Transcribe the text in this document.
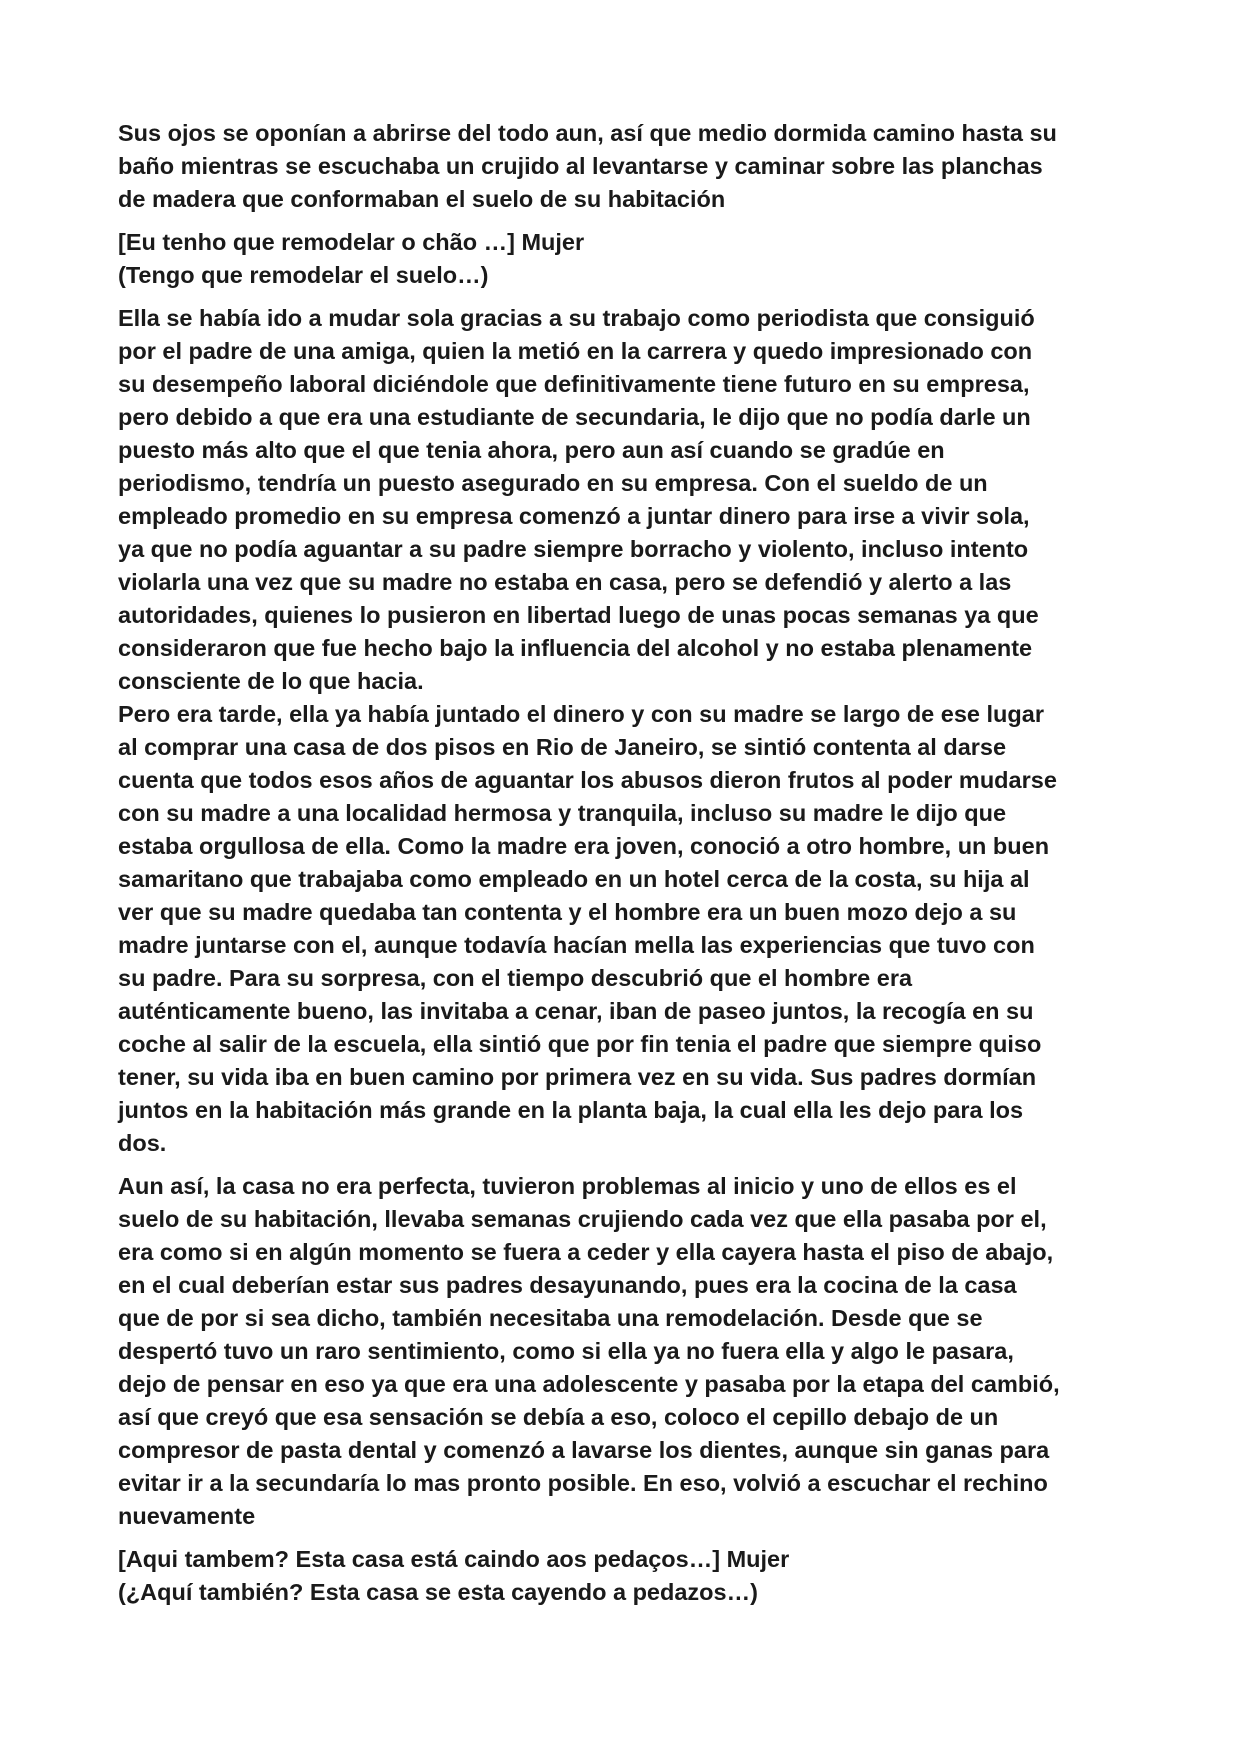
Sus ojos se oponían a abrirse del todo aun, así que medio dormida camino hasta su
baño mientras se escuchaba un crujido al levantarse y caminar sobre las planchas
de madera que conformaban el suelo de su habitación

[Eu tenho que remodelar o chão …] Mujer
(Tengo que remodelar el suelo…)

Ella se había ido a mudar sola gracias a su trabajo como periodista que consiguió
por el padre de una amiga, quien la metió en la carrera y quedo impresionado con
su desempeño laboral diciéndole que definitivamente tiene futuro en su empresa,
pero debido a que era una estudiante de secundaria, le dijo que no podía darle un
puesto más alto que el que tenia ahora, pero aun así cuando se gradúe en
periodismo, tendría un puesto asegurado en su empresa. Con el sueldo de un
empleado promedio en su empresa comenzó a juntar dinero para irse a vivir sola,
ya que no podía aguantar a su padre siempre borracho y violento, incluso intento
violarla una vez que su madre no estaba en casa, pero se defendió y alerto a las
autoridades, quienes lo pusieron en libertad luego de unas pocas semanas ya que
consideraron que fue hecho bajo la influencia del alcohol y no estaba plenamente
consciente de lo que hacia.

Pero era tarde, ella ya había juntado el dinero y con su madre se largo de ese lugar
al comprar una casa de dos pisos en Rio de Janeiro, se sintió contenta al darse
cuenta que todos esos años de aguantar los abusos dieron frutos al poder mudarse
con su madre a una localidad hermosa y tranquila, incluso su madre le dijo que
estaba orgullosa de ella. Como la madre era joven, conoció a otro hombre, un buen
samaritano que trabajaba como empleado en un hotel cerca de la costa, su hija al
ver que su madre quedaba tan contenta y el hombre era un buen mozo dejo a su
madre juntarse con el, aunque todavía hacían mella las experiencias que tuvo con
su padre. Para su sorpresa, con el tiempo descubrió que el hombre era
auténticamente bueno, las invitaba a cenar, iban de paseo juntos, la recogía en su
coche al salir de la escuela, ella sintió que por fin tenia el padre que siempre quiso
tener, su vida iba en buen camino por primera vez en su vida. Sus padres dormían
juntos en la habitación más grande en la planta baja, la cual ella les dejo para los
dos.

Aun así, la casa no era perfecta, tuvieron problemas al inicio y uno de ellos es el
suelo de su habitación, llevaba semanas crujiendo cada vez que ella pasaba por el,
era como si en algún momento se fuera a ceder y ella cayera hasta el piso de abajo,
en el cual deberían estar sus padres desayunando, pues era la cocina de la casa
que de por si sea dicho, también necesitaba una remodelación. Desde que se
despertó tuvo un raro sentimiento, como si ella ya no fuera ella y algo le pasara,
dejo de pensar en eso ya que era una adolescente y pasaba por la etapa del cambió,
así que creyó que esa sensación se debía a eso, coloco el cepillo debajo de un
compresor de pasta dental y comenzó a lavarse los dientes, aunque sin ganas para
evitar ir a la secundaría lo mas pronto posible. En eso, volvió a escuchar el rechino
nuevamente

[Aqui tambem? Esta casa está caindo aos pedaços…] Mujer
(¿Aquí también? Esta casa se esta cayendo a pedazos…)
